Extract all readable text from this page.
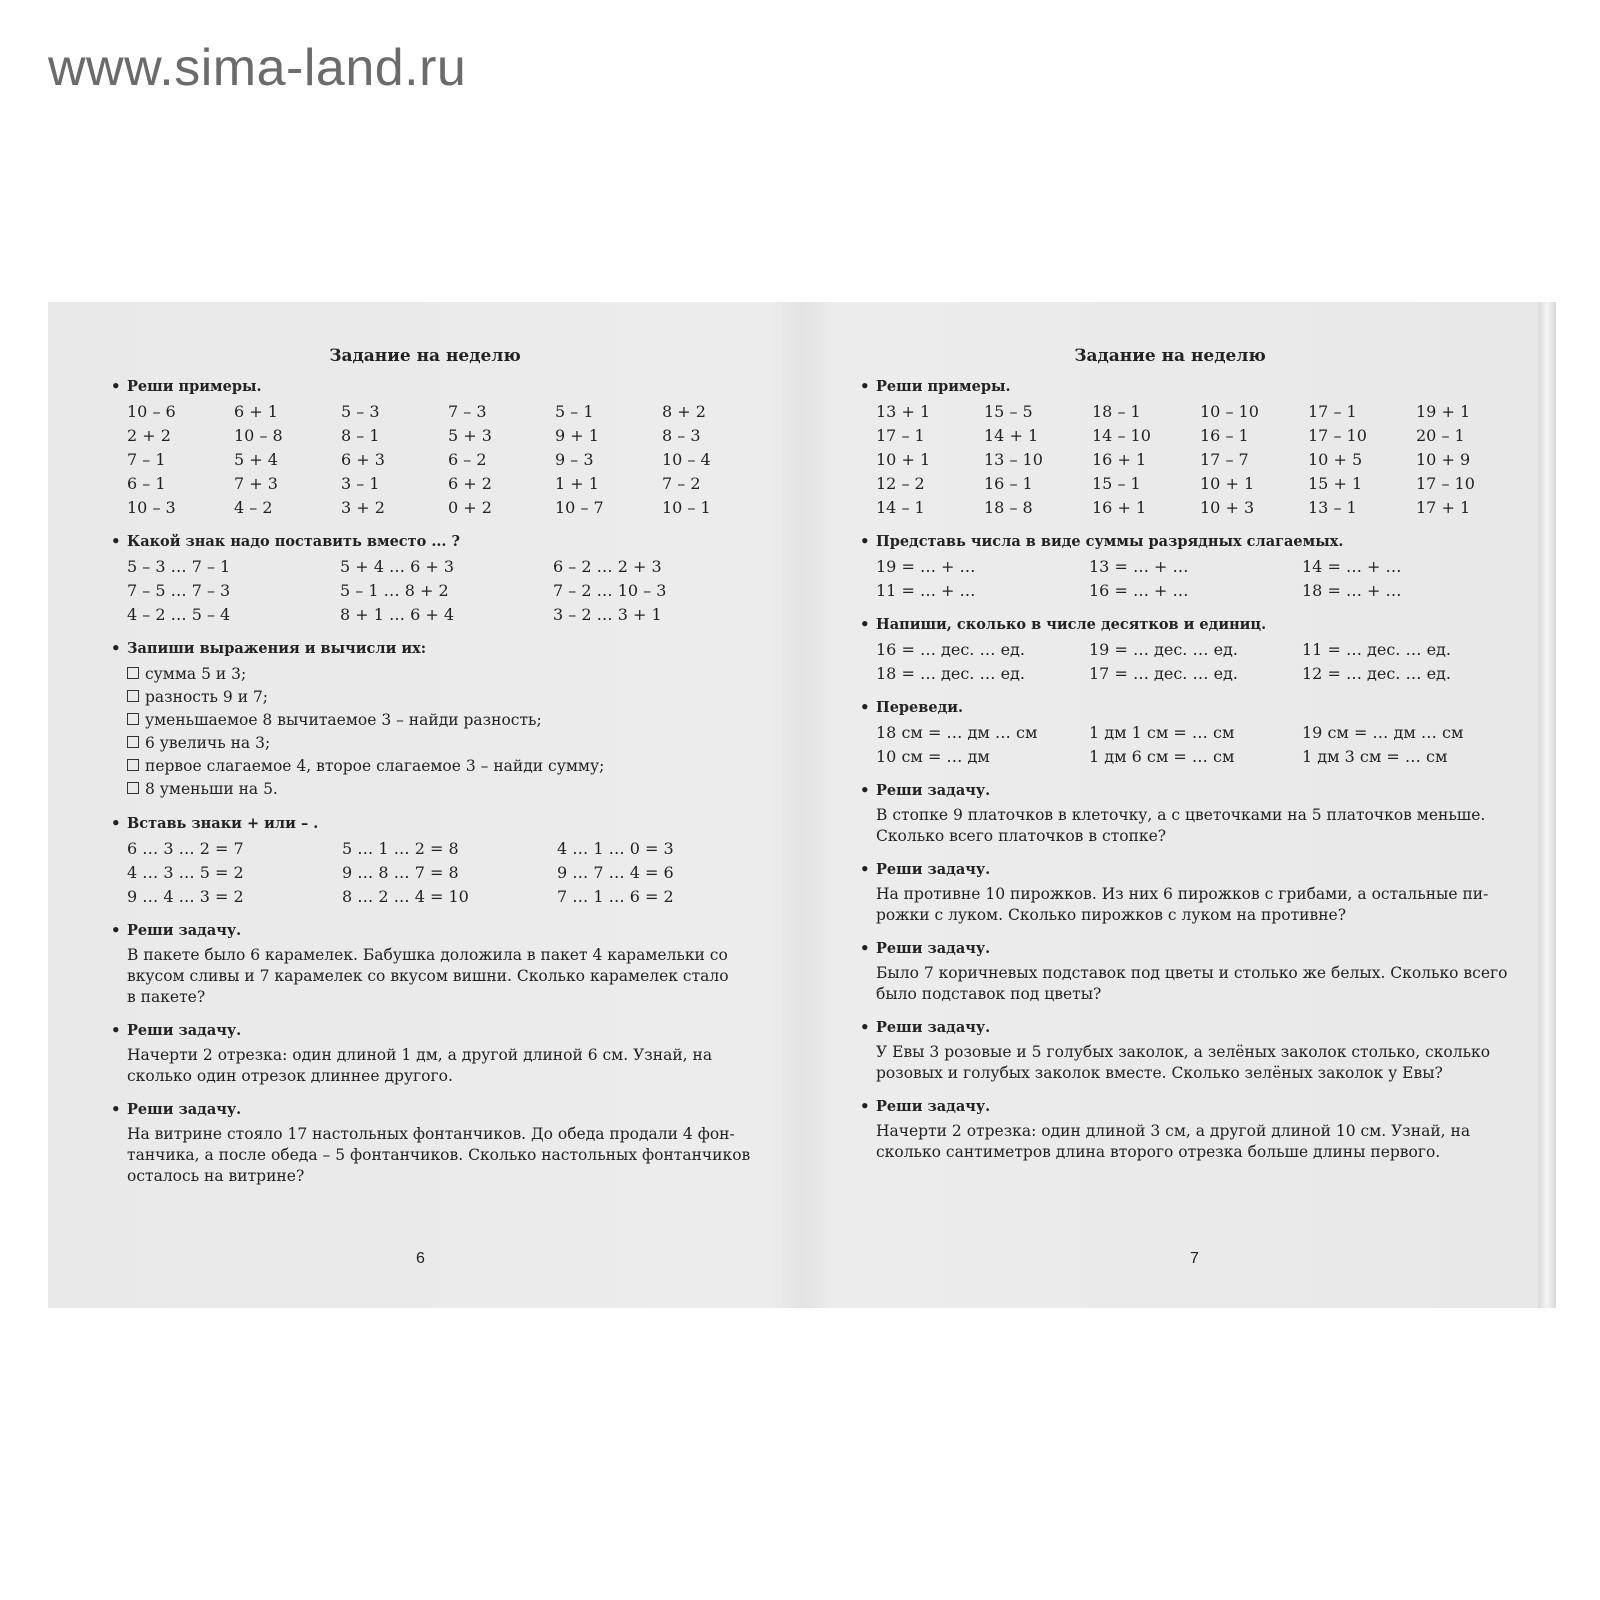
www.sima-land.ru
Задание на неделю
• Реши примеры.
10 – 6	6 + 1	5 – 3	7 – 3	5 – 1	8 + 2
2 + 2	10 – 8	8 – 1	5 + 3	9 + 1	8 – 3
7 – 1	5 + 4	6 + 3	6 – 2	9 – 3	10 – 4
6 – 1	7 + 3	3 – 1	6 + 2	1 + 1	7 – 2
10 – 3	4 – 2	3 + 2	0 + 2	10 – 7	10 – 1
• Какой знак надо поставить вместо ... ?
5 – 3 … 7 – 1	5 + 4 … 6 + 3	6 – 2 … 2 + 3
7 – 5 … 7 – 3	5 – 1 … 8 + 2	7 – 2 … 10 – 3
4 – 2 … 5 – 4	8 + 1 … 6 + 4	3 – 2 … 3 + 1
• Запиши выражения и вычисли их:
сумма 5 и 3;
разность 9 и 7;
уменьшаемое 8 вычитаемое 3 – найди разность;
6 увеличь на 3;
первое слагаемое 4, второе слагаемое 3 – найди сумму;
8 уменьши на 5.
• Вставь знаки + или – .
6 … 3 … 2 = 7	5 … 1 … 2 = 8	4 … 1 … 0 = 3
4 … 3 … 5 = 2	9 … 8 … 7 = 8	9 … 7 … 4 = 6
9 … 4 … 3 = 2	8 … 2 … 4 = 10	7 … 1 … 6 = 2
• Реши задачу.
В пакете было 6 карамелек. Бабушка доложила в пакет 4 карамельки со
вкусом сливы и 7 карамелек со вкусом вишни. Сколько карамелек стало
в пакете?
• Реши задачу.
Начерти 2 отрезка: один длиной 1 дм, а другой длиной 6 см. Узнай, на
сколько один отрезок длиннее другого.
• Реши задачу.
На витрине стояло 17 настольных фонтанчиков. До обеда продали 4 фон-
танчика, а после обеда – 5 фонтанчиков. Сколько настольных фонтанчиков
осталось на витрине?
6
Задание на неделю
• Реши примеры.
13 + 1	15 – 5	18 – 1	10 – 10	17 – 1	19 + 1
17 – 1	14 + 1	14 – 10	16 – 1	17 – 10	20 – 1
10 + 1	13 – 10	16 + 1	17 – 7	10 + 5	10 + 9
12 – 2	16 – 1	15 – 1	10 + 1	15 + 1	17 – 10
14 – 1	18 – 8	16 + 1	10 + 3	13 – 1	17 + 1
• Представь числа в виде суммы разрядных слагаемых.
19 = … + …	13 = … + …	14 = … + …
11 = … + …	16 = … + …	18 = … + …
• Напиши, сколько в числе десятков и единиц.
16 = … дес. … ед.	19 = … дес. … ед.	11 = … дес. … ед.
18 = … дес. … ед.	17 = … дес. … ед.	12 = … дес. … ед.
• Переведи.
18 см = … дм … см	1 дм 1 см = … см	19 см = … дм … см
10 см = … дм	1 дм 6 см = … см	1 дм 3 см = … см
• Реши задачу.
В стопке 9 платочков в клеточку, а с цветочками на 5 платочков меньше.
Сколько всего платочков в стопке?
• Реши задачу.
На противне 10 пирожков. Из них 6 пирожков с грибами, а остальные пи-
рожки с луком. Сколько пирожков с луком на противне?
• Реши задачу.
Было 7 коричневых подставок под цветы и столько же белых. Сколько всего
было подставок под цветы?
• Реши задачу.
У Евы 3 розовые и 5 голубых заколок, а зелёных заколок столько, сколько
розовых и голубых заколок вместе. Сколько зелёных заколок у Евы?
• Реши задачу.
Начерти 2 отрезка: один длиной 3 см, а другой длиной 10 см. Узнай, на
сколько сантиметров длина второго отрезка больше длины первого.
7
